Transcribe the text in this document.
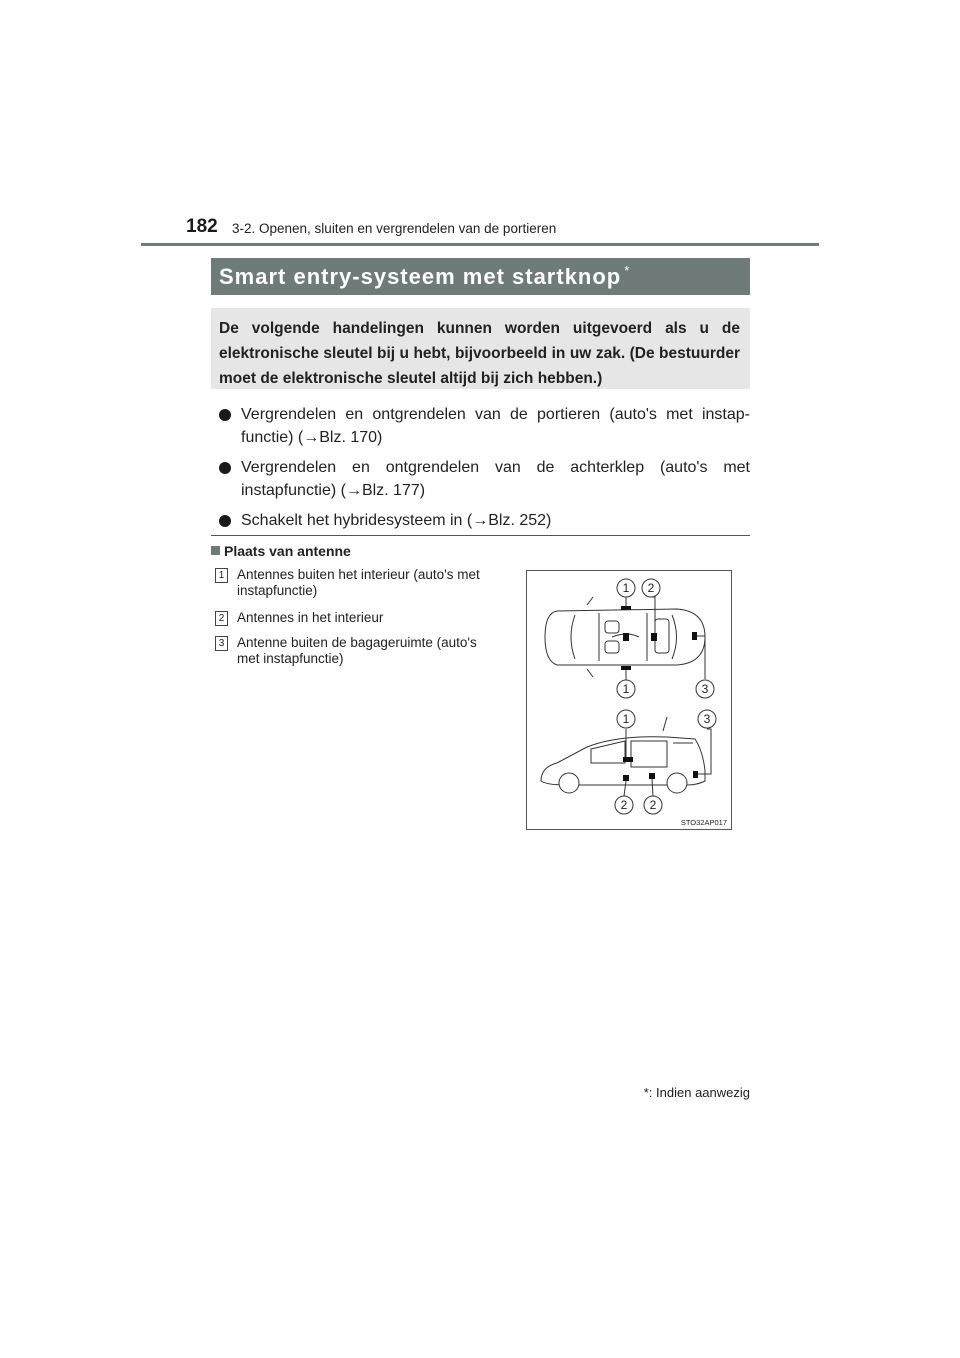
182 3-2. Openen, sluiten en vergrendelen van de portieren
Smart entry-systeem met startknop*
De volgende handelingen kunnen worden uitgevoerd als u de elektronische sleutel bij u hebt, bijvoorbeeld in uw zak. (De bestuurder moet de elektronische sleutel altijd bij zich hebben.)
Vergrendelen en ontgrendelen van de portieren (auto's met instap-functie) (→Blz. 170)
Vergrendelen en ontgrendelen van de achterklep (auto's met instapfunctie) (→Blz. 177)
Schakelt het hybridesysteem in (→Blz. 252)
Plaats van antenne
1 Antennes buiten het interieur (auto's met instapfunctie)
2 Antennes in het interieur
3 Antenne buiten de bagageruimte (auto's met instapfunctie)
1 2
1	3
1	3
2 2
STO32AP017
*: Indien aanwezig
